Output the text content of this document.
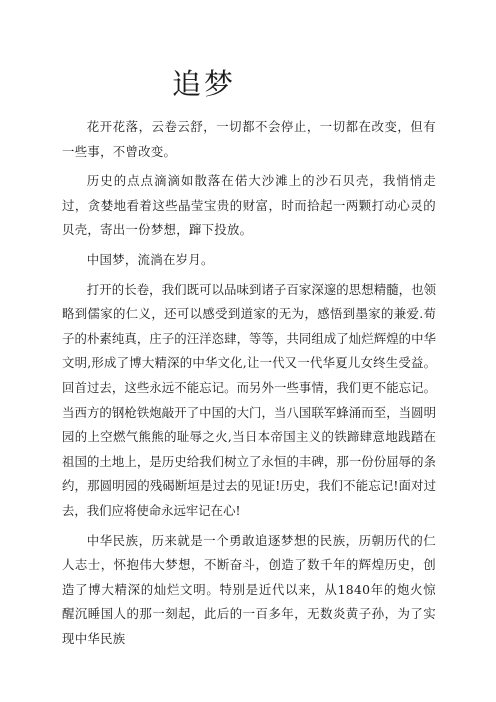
追梦

花开花落，云卷云舒，一切都不会停止，一切都在改变，但有一些事，不曾改变。

历史的点点滴滴如散落在偌大沙滩上的沙石贝壳，我悄悄走过，贪婪地看着这些晶莹宝贵的财富，时而拾起一两颗打动心灵的贝壳，寄出一份梦想，蹿下投放。

中国梦，流淌在岁月。

打开的长卷，我们既可以品味到诸子百家深邃的思想精髓，也领略到儒家的仁义，还可以感受到道家的无为，感悟到墨家的兼爱.荀子的朴素纯真，庄子的汪洋恣肆，等等，共同组成了灿烂辉煌的中华文明,形成了博大精深的中华文化,让一代又一代华夏儿女终生受益。回首过去，这些永远不能忘记。而另外一些事情，我们更不能忘记。当西方的钢枪铁炮敲开了中国的大门，当八国联军蜂涌而至，当圆明园的上空燃气熊熊的耻辱之火,当日本帝国主义的铁蹄肆意地践踏在祖国的土地上，是历史给我们树立了永恒的丰碑，那一份份屈辱的条约，那圆明园的残碣断垣是过去的见证!历史，我们不能忘记!面对过去，我们应将使命永远牢记在心!

中华民族，历来就是一个勇敢追逐梦想的民族，历朝历代的仁人志士，怀抱伟大梦想，不断奋斗，创造了数千年的辉煌历史，创造了博大精深的灿烂文明。特别是近代以来，从1840年的炮火惊醒沉睡国人的那一刻起，此后的一百多年，无数炎黄子孙，为了实现中华民族
